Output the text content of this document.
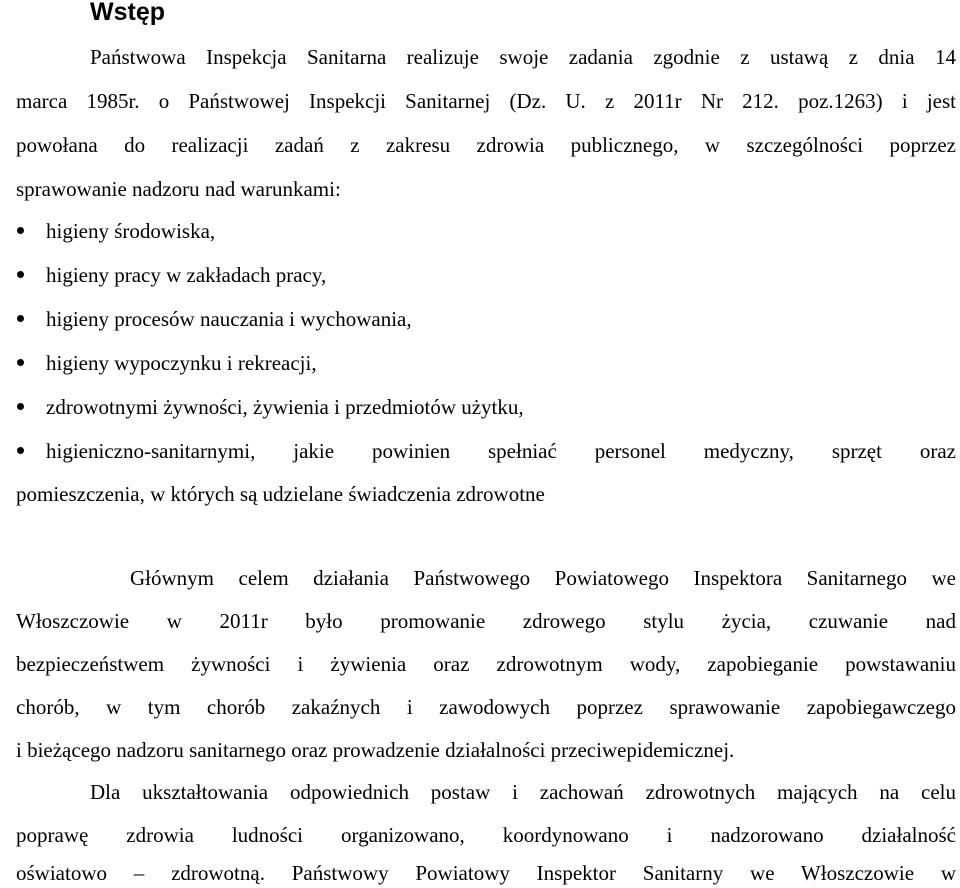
Wstęp
Państwowa Inspekcja Sanitarna realizuje swoje zadania zgodnie z ustawą z dnia 14
marca 1985r. o Państwowej Inspekcji Sanitarnej (Dz. U. z 2011r Nr 212. poz.1263) i jest
powołana do realizacji zadań z zakresu zdrowia publicznego, w szczególności poprzez
sprawowanie nadzoru nad warunkami:
higieny środowiska,
higieny pracy w zakładach pracy,
higieny procesów nauczania i wychowania,
higieny wypoczynku i rekreacji,
zdrowotnymi żywności, żywienia i przedmiotów użytku,
higieniczno-sanitarnymi, jakie powinien spełniać personel medyczny, sprzęt oraz
pomieszczenia, w których są udzielane świadczenia zdrowotne
Głównym celem działania Państwowego Powiatowego Inspektora Sanitarnego we
Włoszczowie w 2011r było promowanie zdrowego stylu życia, czuwanie nad
bezpieczeństwem żywności i żywienia oraz zdrowotnym wody, zapobieganie powstawaniu
chorób, w tym chorób zakaźnych i zawodowych poprzez sprawowanie zapobiegawczego
i bieżącego nadzoru sanitarnego oraz prowadzenie działalności przeciwepidemicznej.
Dla ukształtowania odpowiednich postaw i zachowań zdrowotnych mających na celu
poprawę zdrowia ludności organizowano, koordynowano i nadzorowano działalność
oświatowo – zdrowotną. Państwowy Powiatowy Inspektor Sanitarny we Włoszczowie w
